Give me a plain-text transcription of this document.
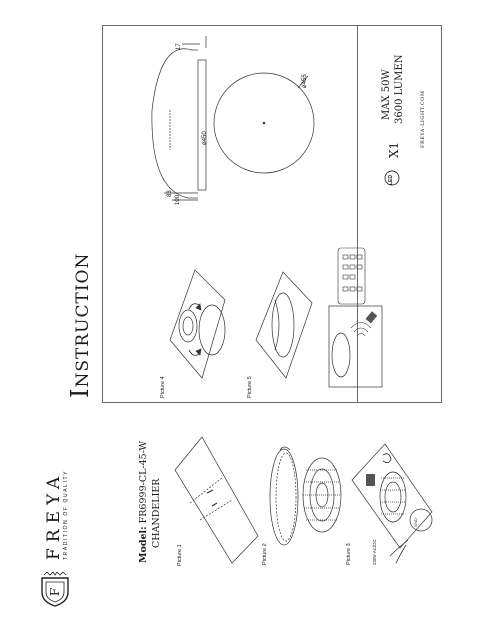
F
FREYA TRADITION OF QUALITY
Instruction
Model: FR6999-CL-45-W CHANDELIER
Picture 1	Picture 2	Picture 3
Picture 4	Picture 5
230V-AC/DC
GND
100
83
17
ø450
ø455
LED
X1
MAX 50W 3600 LUMEN	FREYA-LIGHT.COM
